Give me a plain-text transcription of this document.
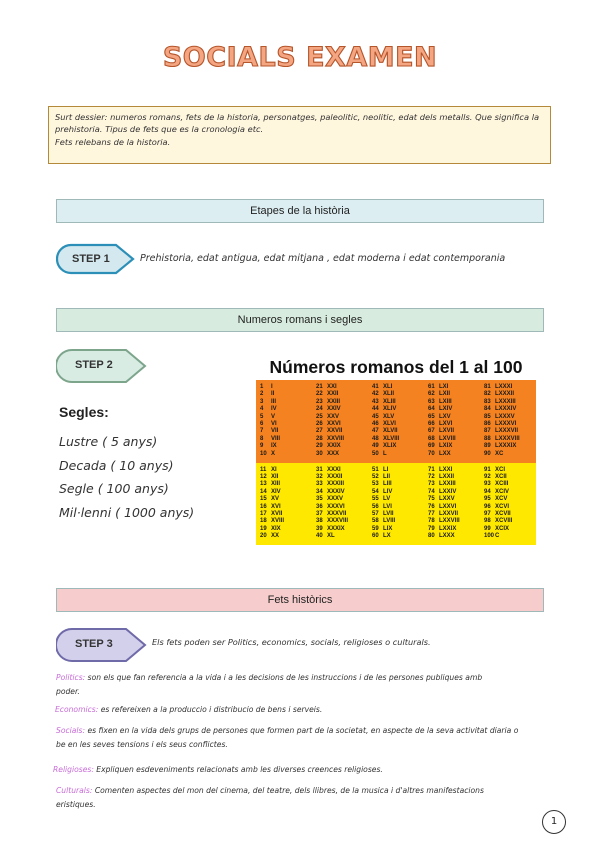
SOCIALS EXAMEN
Surt dessier: numeros romans, fets de la historia, personatges, paleolitic, neolitic, edat dels metalls. Que significa la
prehistoria. Tipus de fets que es la cronologia etc.
Fets relebans de la historia.
Etapes de la història
STEP 1	Prehistoria, edat antigua, edat mitjana , edat moderna i edat contemporania
Numeros romans i segles
STEP 2
Segles:
Lustre ( 5 anys)
Decada ( 10 anys)
Segle ( 100 anys)
Mil·lenni ( 1000 anys)
Números romanos del 1 al 100
1 I
2 II
3 III
4 IV
5 V
6 VI
7 VII
8 VIII
9 IX
10 X
11 XI
12 XII
13 XIII
14 XIV
15 XV
16 XVI
17 XVII
18 XVIII
19 XIX
20 XX
21 XXI
22 XXII
23 XXIII
24 XXIV
25 XXV
26 XXVI
27 XXVII
28 XXVIII
29 XXIX
30 XXX
31 XXXI
32 XXXII
33 XXXIII
34 XXXIV
35 XXXV
36 XXXVI
37 XXXVII
38 XXXVIII
39 XXXIX
40 XL
41 XLI
42 XLII
43 XLIII
44 XLIV
45 XLV
46 XLVI
47 XLVII
48 XLVIII
49 XLIX
50 L
51 LI
52 LII
53 LIII
54 LIV
55 LV
56 LVI
57 LVII
58 LVIII
59 LIX
60 LX
61 LXI
62 LXII
63 LXIII
64 LXIV
65 LXV
66 LXVI
67 LXVII
68 LXVIII
69 LXIX
70 LXX
71 LXXI
72 LXXII
73 LXXIII
74 LXXIV
75 LXXV
76 LXXVI
77 LXXVII
78 LXXVIII
79 LXXIX
80 LXXX
81 LXXXI
82 LXXXII
83 LXXXIII
84 LXXXIV
85 LXXXV
86 LXXXVI
87 LXXXVII
88 LXXXVIII
89 LXXXIX
90 XC
91 XCI
92 XCII
93 XCIII
94 XCIV
95 XCV
96 XCVI
97 XCVII
98 XCVIII
99 XCIX
100C
Fets històrics
STEP 3	Els fets poden ser Politics, economics, socials, religioses o culturals.
Politics: son els que fan referencia a la vida i a les decisions de les instruccions i de les persones publiques amb
poder.
Economics: es refereixen a la produccio i distribucio de bens i serveis.
Socials: es fixen en la vida dels grups de persones que formen part de la societat, en aspecte de la seva activitat diaria o
be en les seves tensions i els seus conflictes.
Religioses: Expliquen esdeveniments relacionats amb les diverses creences religioses.
Culturals: Comenten aspectes del mon del cinema, del teatre, dels llibres, de la musica i d'altres manifestacions
eristiques.
1
